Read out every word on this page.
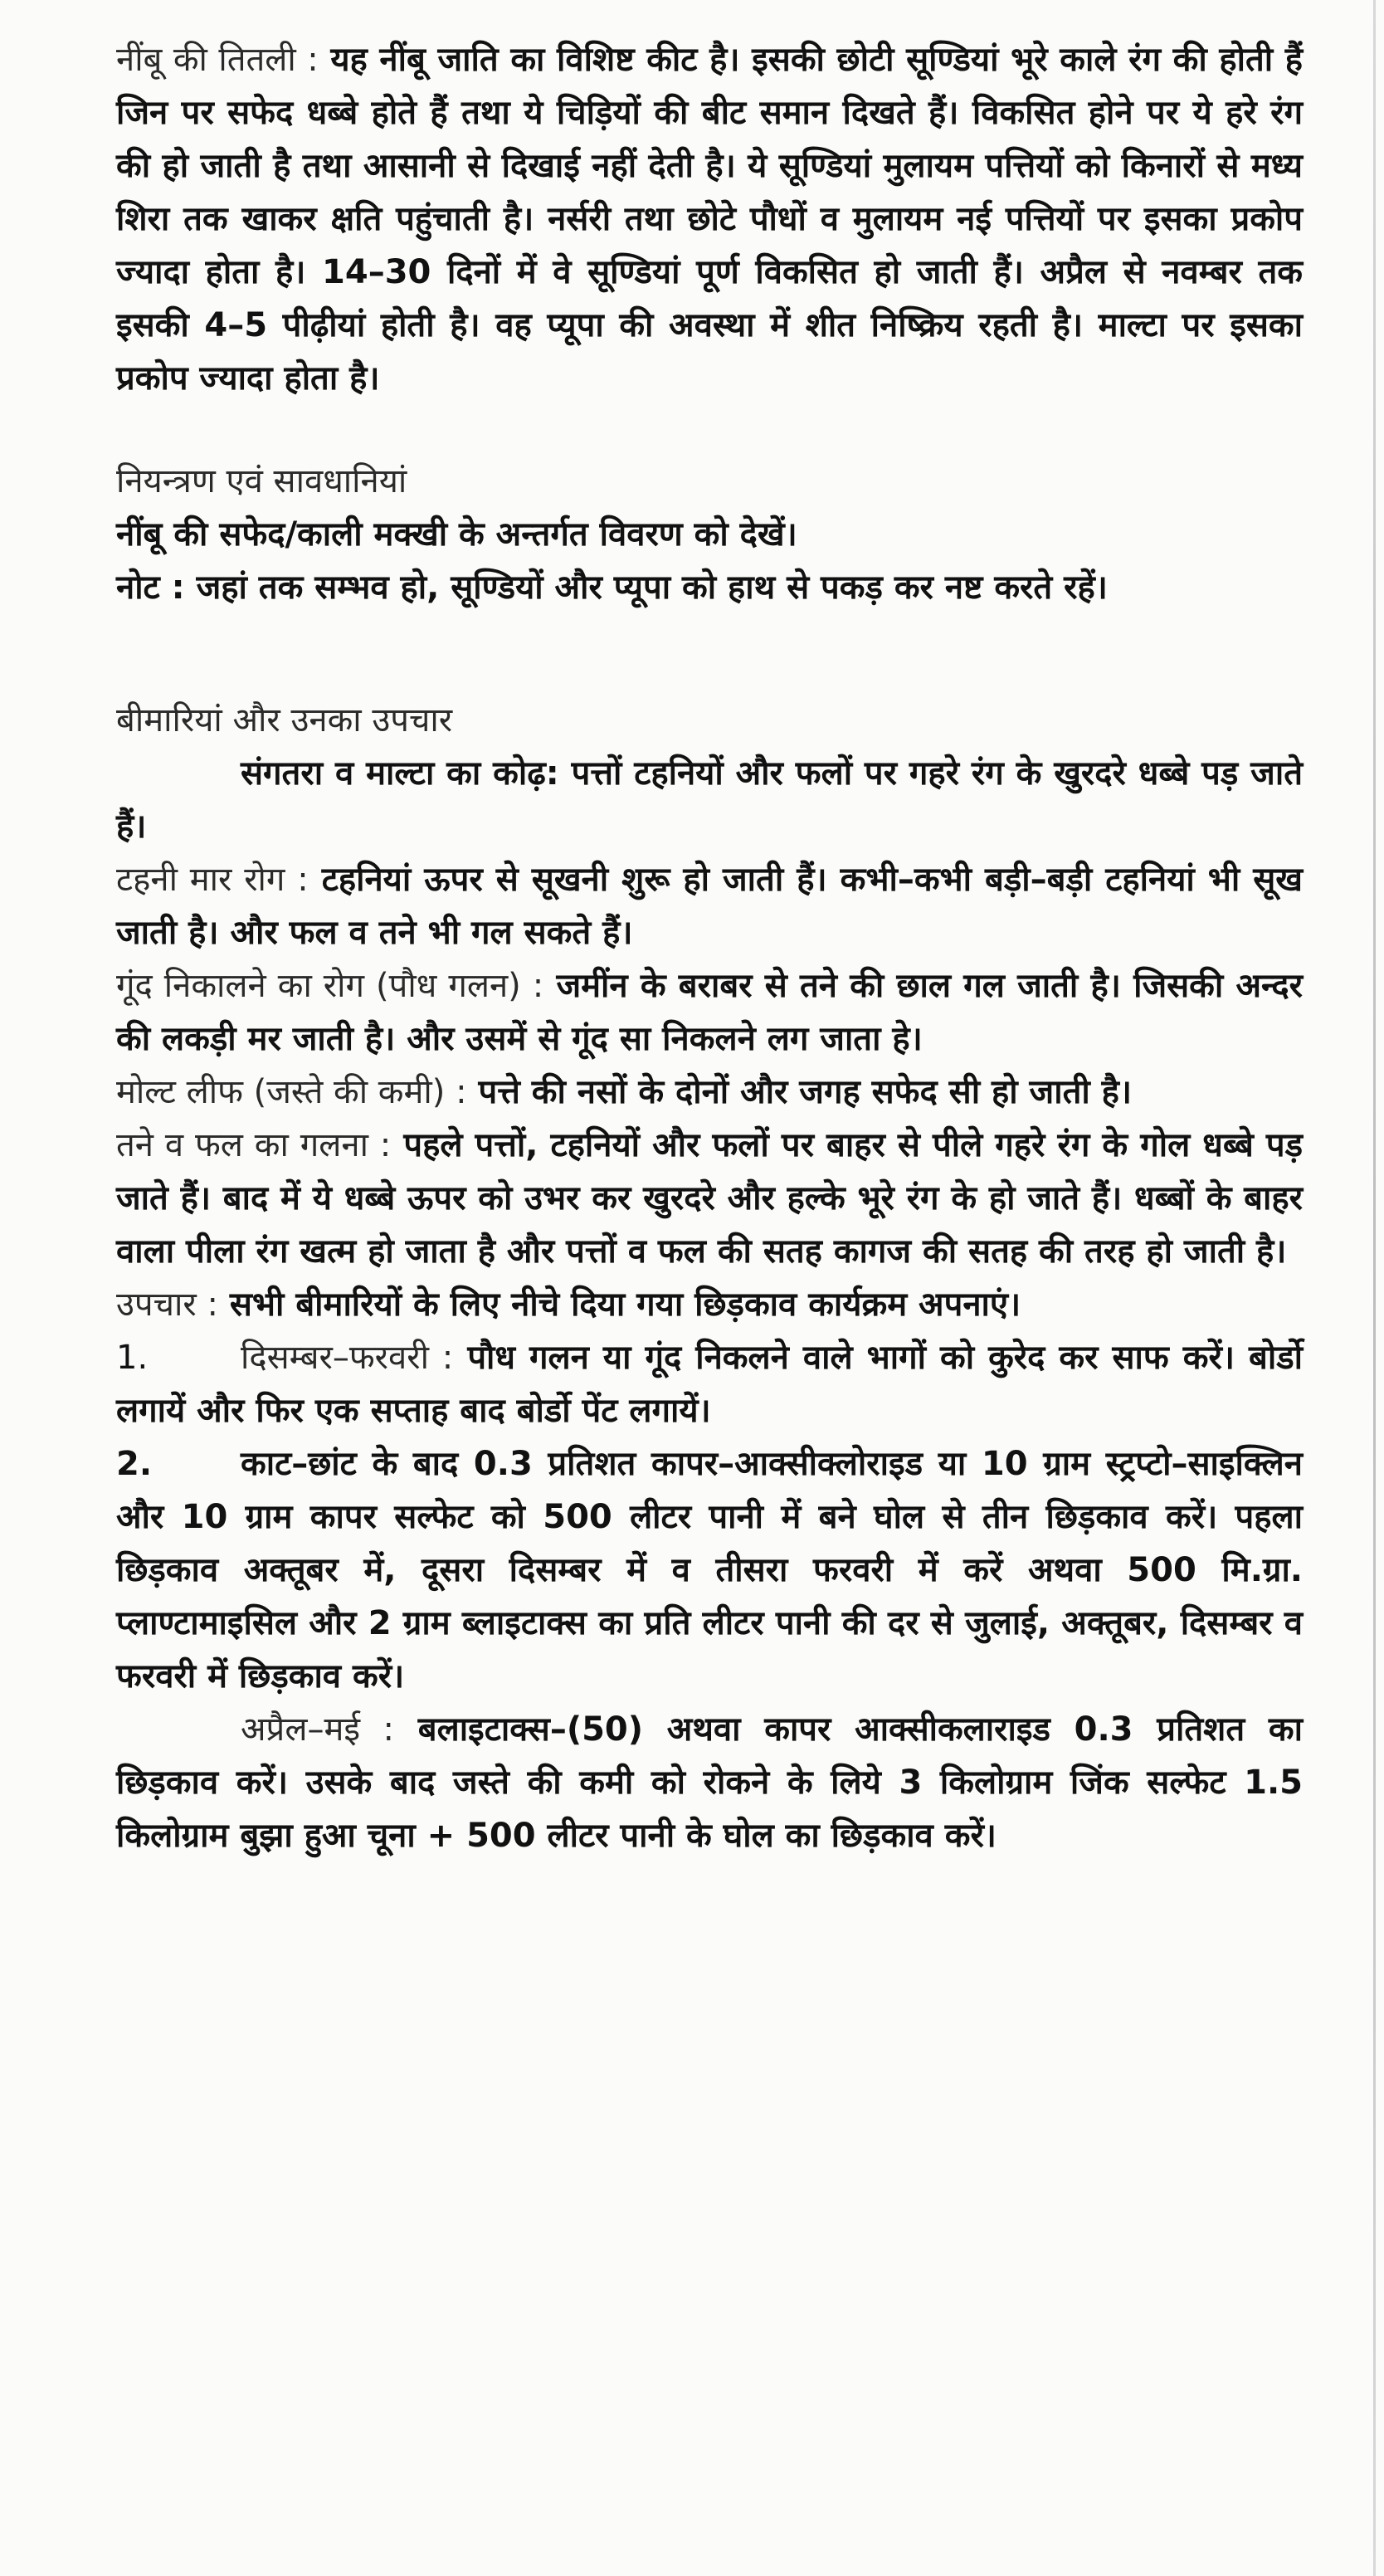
नींबू की तितली : यह नींबू जाति का विशिष्ट कीट है। इसकी छोटी सूण्डियां भूरे काले रंग की होती हैं जिन पर सफेद धब्बे होते हैं तथा ये चिड़ियों की बीट समान दिखते हैं। विकसित होने पर ये हरे रंग की हो जाती है तथा आसानी से दिखाई नहीं देती है। ये सूण्डियां मुलायम पत्तियों को किनारों से मध्य शिरा तक खाकर क्षति पहुंचाती है। नर्सरी तथा छोटे पौधों व मुलायम नई पत्तियों पर इसका प्रकोप ज्यादा होता है। 14–30 दिनों में वे सूण्डियां पूर्ण विकसित हो जाती हैं। अप्रैल से नवम्बर तक इसकी 4–5 पीढ़ीयां होती है। वह प्यूपा की अवस्था में शीत निष्क्रिय रहती है। माल्टा पर इसका प्रकोप ज्यादा होता है।

नियन्त्रण एवं सावधानियां

नींबू की सफेद/काली मक्खी के अन्तर्गत विवरण को देखें।

नोट : जहां तक सम्भव हो, सूण्डियों और प्यूपा को हाथ से पकड़ कर नष्ट करते रहें।

बीमारियां और उनका उपचार

संगतरा व माल्टा का कोढ़: पत्तों टहनियों और फलों पर गहरे रंग के खुरदरे धब्बे पड़ जाते हैं।

टहनी मार रोग : टहनियां ऊपर से सूखनी शुरू हो जाती हैं। कभी–कभी बड़ी–बड़ी टहनियां भी सूख जाती है। और फल व तने भी गल सकते हैं।

गूंद निकालने का रोग (पौध गलन) : जमींन के बराबर से तने की छाल गल जाती है। जिसकी अन्दर की लकड़ी मर जाती है। और उसमें से गूंद सा निकलने लग जाता हे।

मोल्ट लीफ (जस्ते की कमी) : पत्ते की नसों के दोनों और जगह सफेद सी हो जाती है।

तने व फल का गलना : पहले पत्तों, टहनियों और फलों पर बाहर से पीले गहरे रंग के गोल धब्बे पड़ जाते हैं। बाद में ये धब्बे ऊपर को उभर कर खुरदरे और हल्के भूरे रंग के हो जाते हैं। धब्बों के बाहर वाला पीला रंग खत्म हो जाता है और पत्तों व फल की सतह कागज की सतह की तरह हो जाती है।

उपचार : सभी बीमारियों के लिए नीचे दिया गया छिड़काव कार्यक्रम अपनाएं।

1.	दिसम्बर–फरवरी : पौध गलन या गूंद निकलने वाले भागों को कुरेद कर साफ करें। बोर्डो लगायें और फिर एक सप्ताह बाद बोर्डो पेंट लगायें।

2.	काट–छांट के बाद 0.3 प्रतिशत कापर–आक्सीक्लोराइड या 10 ग्राम स्ट्रप्टो–साइक्लिन और 10 ग्राम कापर सल्फेट को 500 लीटर पानी में बने घोल से तीन छिड़काव करें। पहला छिड़काव अक्तूबर में, दूसरा दिसम्बर में व तीसरा फरवरी में करें अथवा 500 मि.ग्रा. प्लाण्टामाइसिल और 2 ग्राम ब्लाइटाक्स का प्रति लीटर पानी की दर से जुलाई, अक्तूबर, दिसम्बर व फरवरी में छिड़काव करें।

अप्रैल–मई : बलाइटाक्स–(50) अथवा कापर आक्सीकलाराइड 0.3 प्रतिशत का छिड़काव करें। उसके बाद जस्ते की कमी को रोकने के लिये 3 किलोग्राम जिंक सल्फेट 1.5 किलोग्राम बुझा हुआ चूना + 500 लीटर पानी के घोल का छिड़काव करें।
